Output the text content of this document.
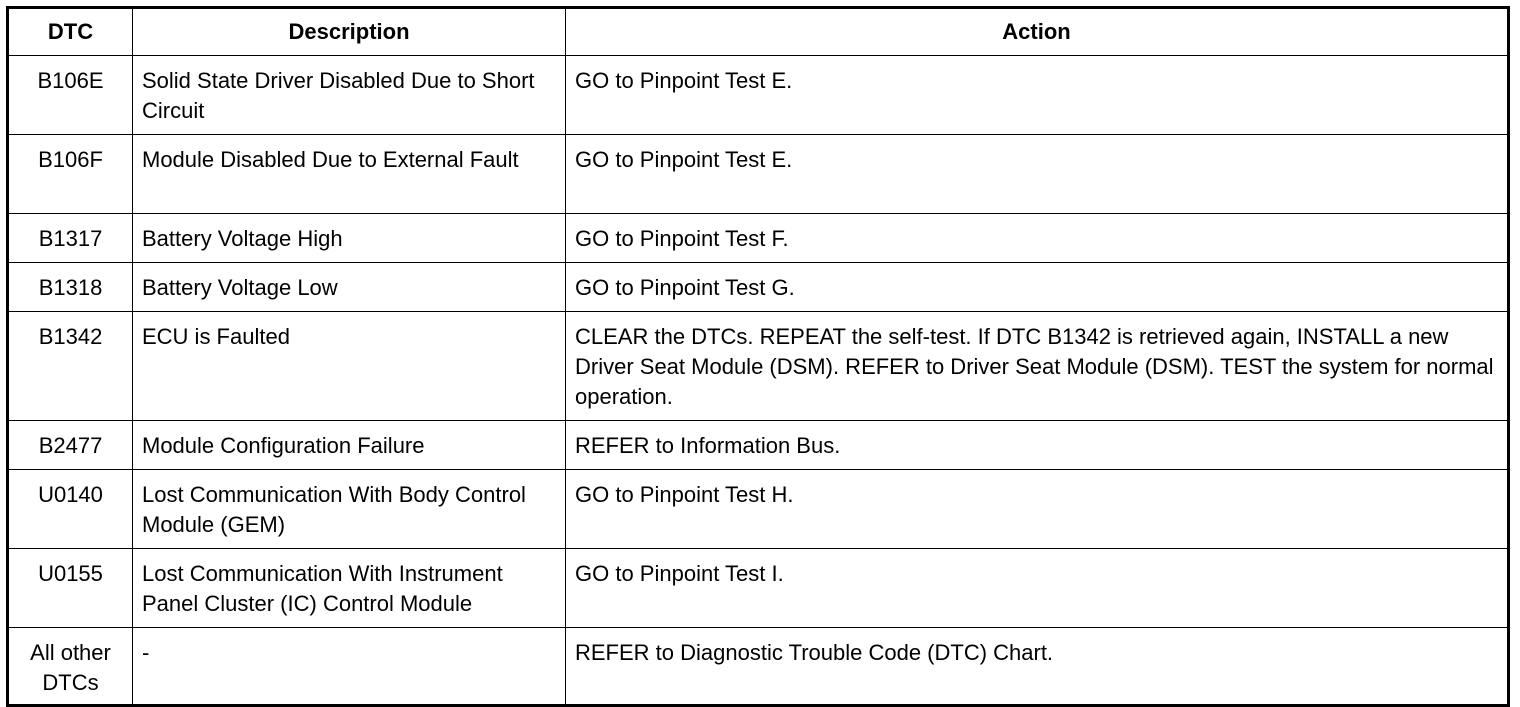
DTC	Description	Action
B106E	Solid State Driver Disabled Due to Short Circuit	GO to Pinpoint Test E.
B106F	Module Disabled Due to External Fault	GO to Pinpoint Test E.
B1317	Battery Voltage High	GO to Pinpoint Test F.
B1318	Battery Voltage Low	GO to Pinpoint Test G.
B1342	ECU is Faulted	CLEAR the DTCs. REPEAT the self-test. If DTC B1342 is retrieved again, INSTALL a new Driver Seat Module (DSM). REFER to Driver Seat Module (DSM). TEST the system for normal operation.
B2477	Module Configuration Failure	REFER to Information Bus.
U0140	Lost Communication With Body Control Module (GEM)	GO to Pinpoint Test H.
U0155	Lost Communication With Instrument Panel Cluster (IC) Control Module	GO to Pinpoint Test I.
All other DTCs	-	REFER to Diagnostic Trouble Code (DTC) Chart.
